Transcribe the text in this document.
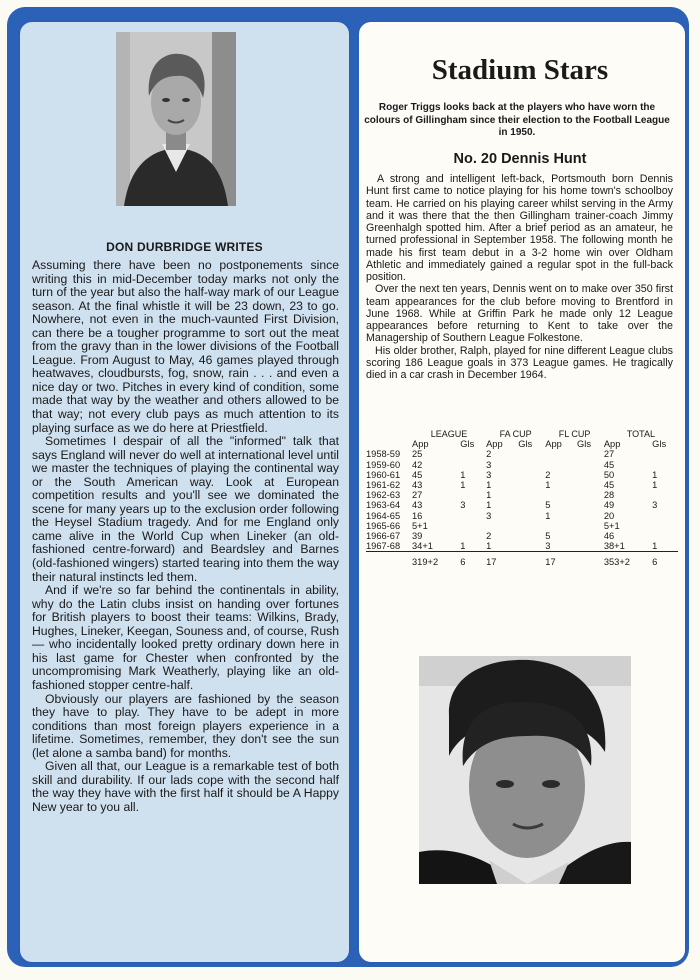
DON DURBRIDGE WRITES

Assuming there have been no postponements since writing this in mid-December today marks not only the turn of the year but also the half-way mark of our League season. At the final whistle it will be 23 down, 23 to go. Nowhere, not even in the much-vaunted First Division, can there be a tougher programme to sort out the meat from the gravy than in the lower divisions of the Football League. From August to May, 46 games played through heatwaves, cloudbursts, fog, snow, rain . . . and even a nice day or two. Pitches in every kind of condition, some made that way by the weather and others allowed to be that way; not every club pays as much attention to its playing surface as we do here at Priestfield.

Sometimes I despair of all the "informed" talk that says England will never do well at international level until we master the techniques of playing the continental way or the South American way. Look at European competition results and you'll see we dominated the scene for many years up to the exclusion order following the Heysel Stadium tragedy. And for me England only came alive in the World Cup when Lineker (an old-fashioned centre-forward) and Beardsley and Barnes (old-fashioned wingers) started tearing into them the way their natural instincts led them.

And if we're so far behind the continentals in ability, why do the Latin clubs insist on handing over fortunes for British players to boost their teams: Wilkins, Brady, Hughes, Lineker, Keegan, Souness and, of course, Rush — who incidentally looked pretty ordinary down here in his last game for Chester when confronted by the uncompromising Mark Weatherly, playing like an old-fashioned stopper centre-half.

Obviously our players are fashioned by the season they have to play. They have to be adept in more conditions than most foreign players experience in a lifetime. Sometimes, remember, they don't see the sun (let alone a samba band) for months.

Given all that, our League is a remarkable test of both skill and durability. If our lads cope with the second half the way they have with the first half it should be A Happy New year to you all.

Stadium Stars
Roger Triggs looks back at the players who have worn the colours of Gillingham since their election to the Football League in 1950.
No. 20 Dennis Hunt

A strong and intelligent left-back, Portsmouth born Dennis Hunt first came to notice playing for his home town's schoolboy team. He carried on his playing career whilst serving in the Army and it was there that the then Gillingham trainer-coach Jimmy Greenhalgh spotted him. After a brief period as an amateur, he turned professional in September 1958. The following month he made his first team debut in a 3-2 home win over Oldham Athletic and immediately gained a regular spot in the full-back position.

Over the next ten years, Dennis went on to make over 350 first team appearances for the club before moving to Brentford in June 1968. While at Griffin Park he made only 12 League appearances before returning to Kent to take over the Managership of Southern League Folkestone.

His older brother, Ralph, played for nine different League clubs scoring 186 League goals in 373 League games. He tragically died in a car crash in December 1964.

	LEAGUE		FA CUP		FL CUP		TOTAL	
	App	Gls	App	Gls	App	Gls	App	Gls
1958-59	25		2				27	
1959-60	42		3				45	
1960-61	45	1	3		2		50	1
1961-62	43	1	1		1		45	1
1962-63	27		1				28	
1963-64	43	3	1		5		49	3
1964-65	16		3		1		20	
1965-66	5+1						5+1	
1966-67	39		2		5		46	
1967-68	34+1	1	1		3		38+1	1
	319+2	6	17		17		353+2	6
